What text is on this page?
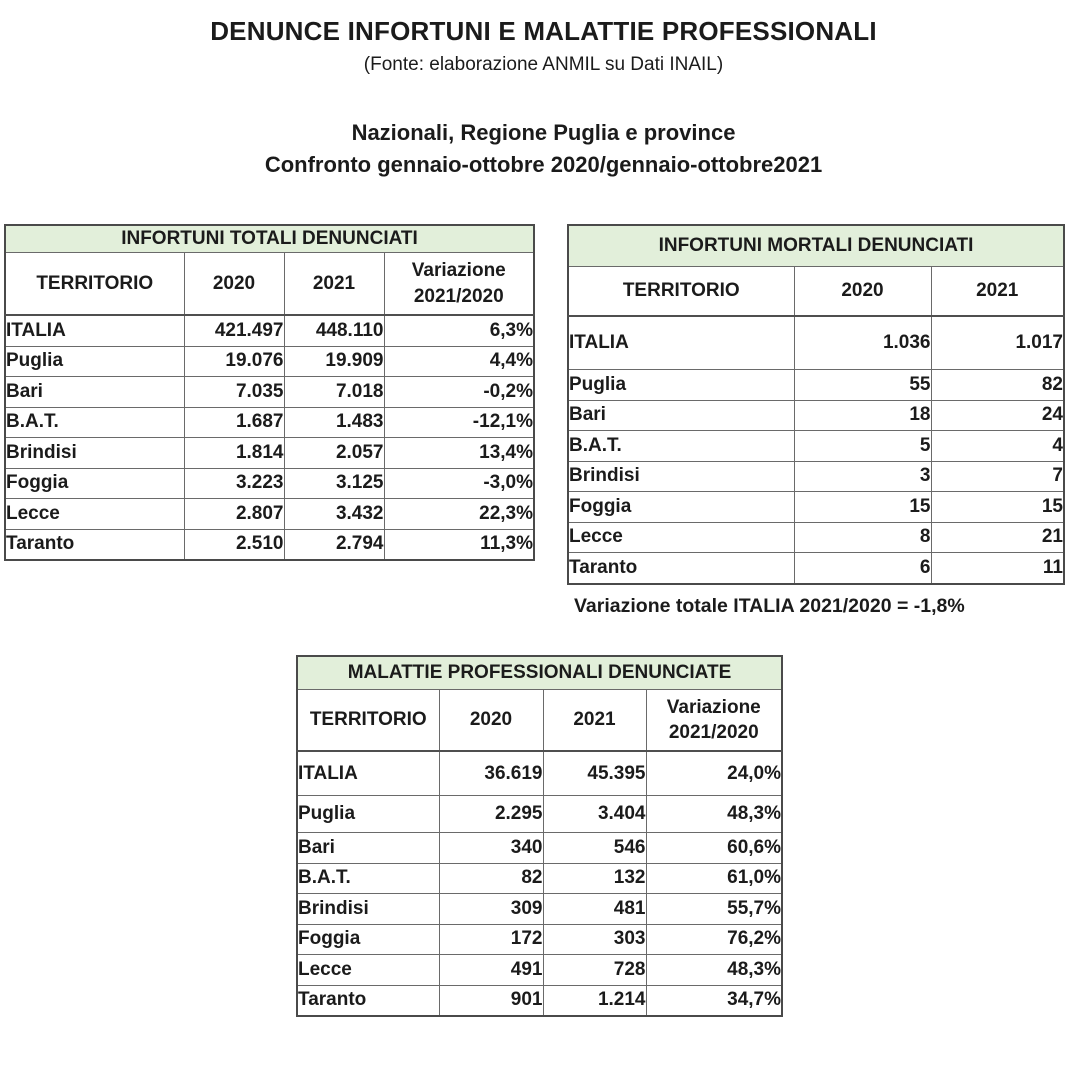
DENUNCE INFORTUNI E MALATTIE PROFESSIONALI

(Fonte: elaborazione ANMIL su Dati INAIL)

Nazionali, Regione Puglia e province
Confronto gennaio-ottobre 2020/gennaio-ottobre2021
INFORTUNI TOTALI DENUNCIATI			
TERRITORIO	2020	2021	Variazione 2021/2020
ITALIA	421.497	448.110	6,3%
Puglia	19.076	19.909	4,4%
Bari	7.035	7.018	-0,2%
B.A.T.	1.687	1.483	-12,1%
Brindisi	1.814	2.057	13,4%
Foggia	3.223	3.125	-3,0%
Lecce	2.807	3.432	22,3%
Taranto	2.510	2.794	11,3%
INFORTUNI MORTALI DENUNCIATI		
TERRITORIO	2020	2021
ITALIA	1.036	1.017
Puglia	55	82
Bari	18	24
B.A.T.	5	4
Brindisi	3	7
Foggia	15	15
Lecce	8	21
Taranto	6	11

Variazione totale ITALIA 2021/2020 = -1,8%

MALATTIE PROFESSIONALI DENUNCIATE			
TERRITORIO	2020	2021	Variazione 2021/2020
ITALIA	36.619	45.395	24,0%
Puglia	2.295	3.404	48,3%
Bari	340	546	60,6%
B.A.T.	82	132	61,0%
Brindisi	309	481	55,7%
Foggia	172	303	76,2%
Lecce	491	728	48,3%
Taranto	901	1.214	34,7%
